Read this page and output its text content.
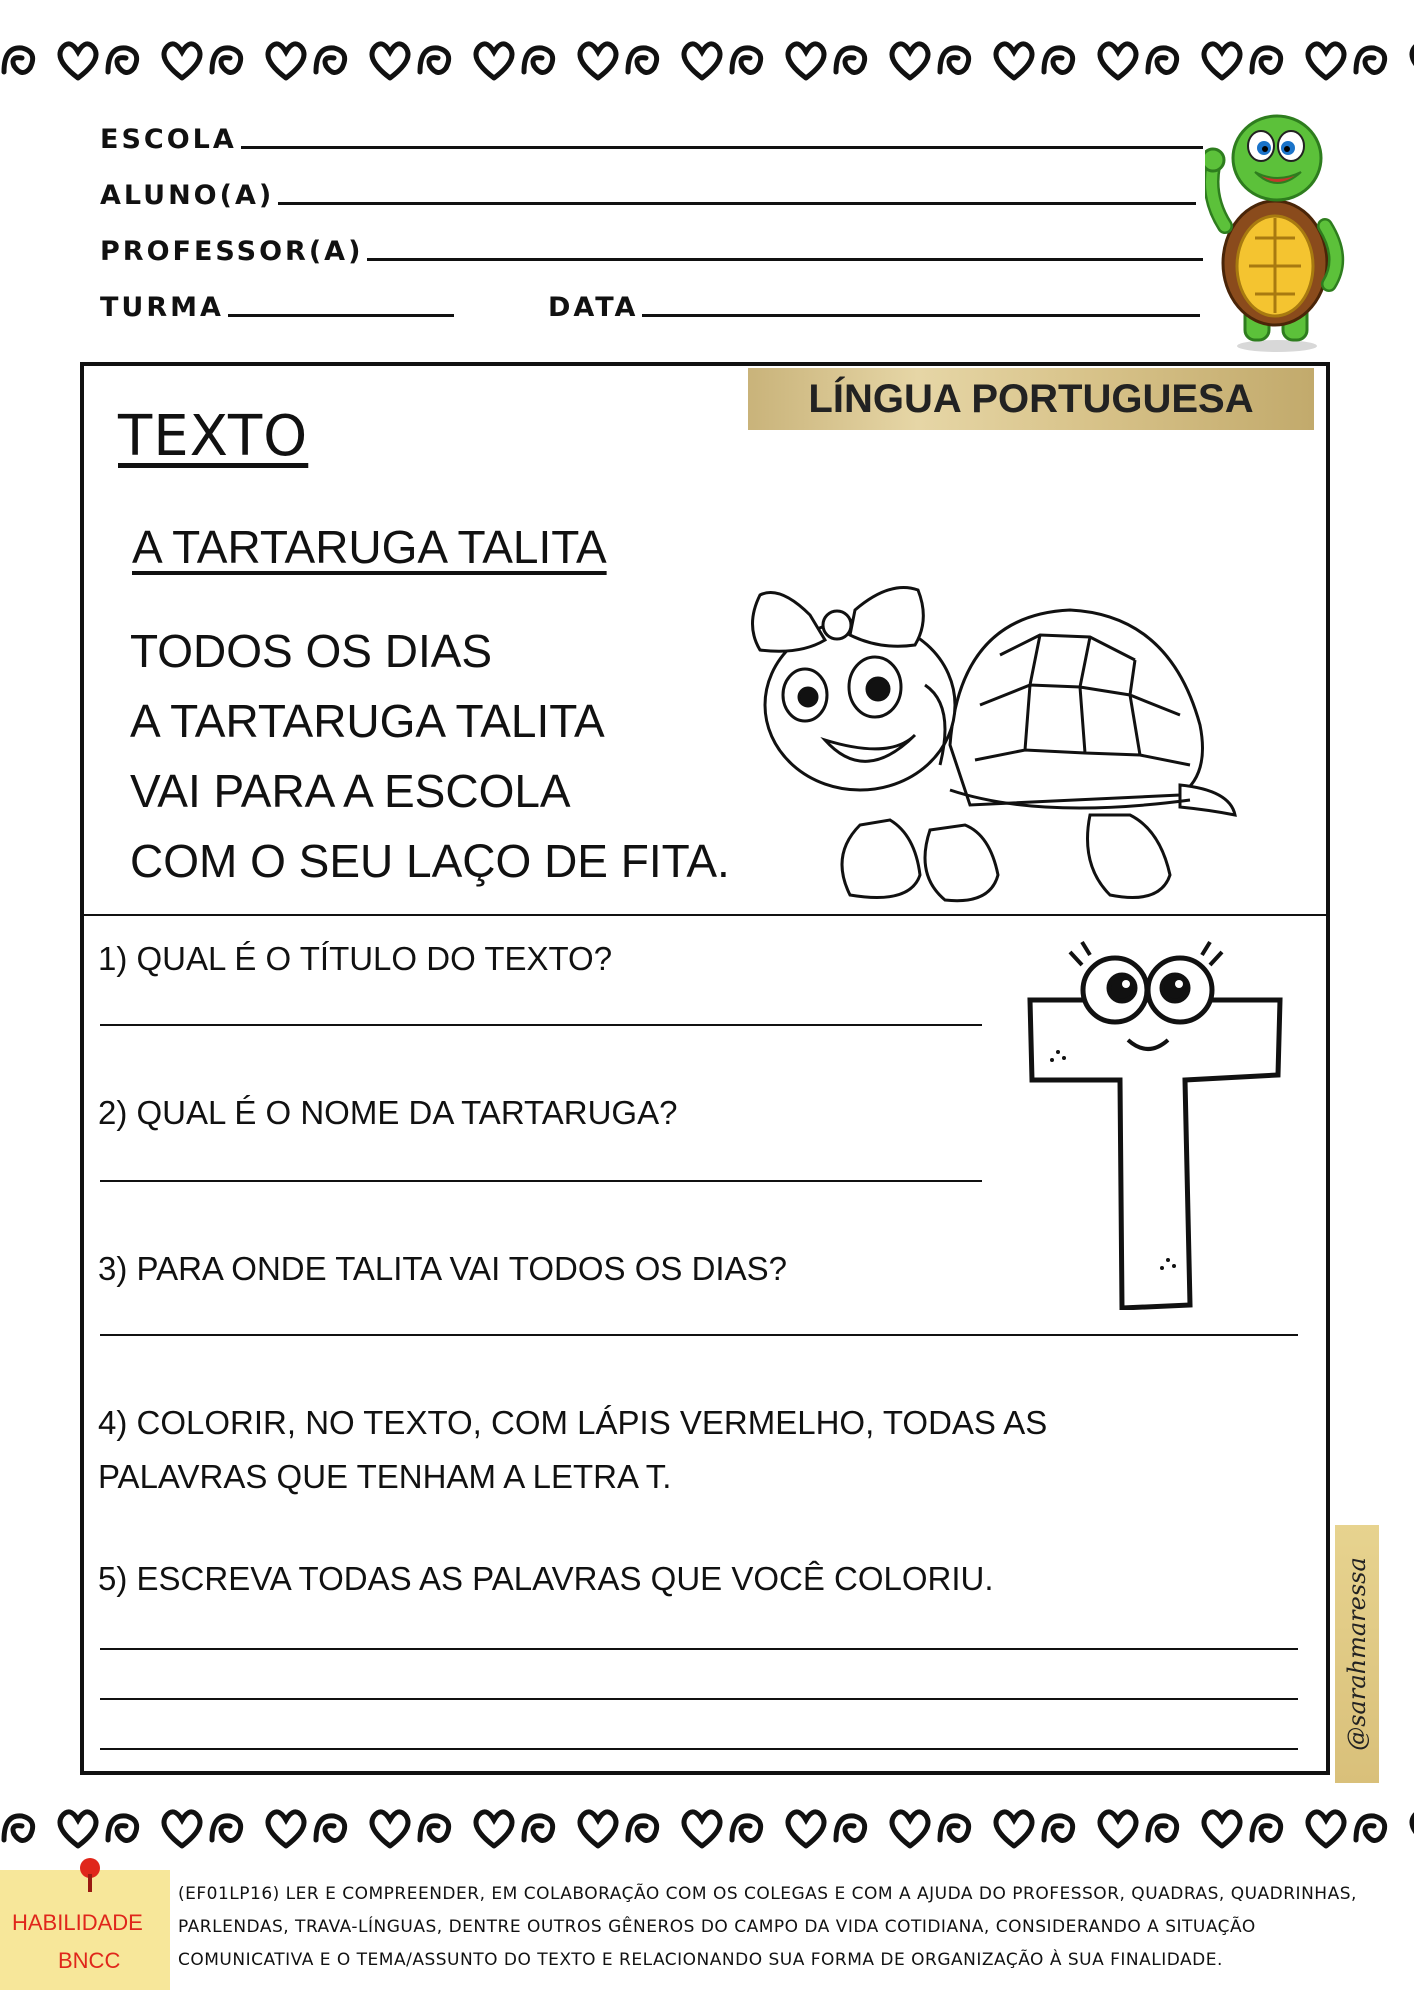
ESCOLA
ALUNO(A)
PROFESSOR(A)
TURMA	DATA
LÍNGUA PORTUGUESA
TEXTO
A TARTARUGA TALITA
TODOS OS DIAS
A TARTARUGA TALITA
VAI PARA A ESCOLA
COM O SEU LAÇO DE FITA.
1) QUAL É O TÍTULO DO TEXTO?
2) QUAL É O NOME DA TARTARUGA?
3) PARA ONDE TALITA VAI TODOS OS DIAS?
4) COLORIR, NO TEXTO, COM LÁPIS VERMELHO, TODAS AS
PALAVRAS QUE TENHAM A LETRA T.
5) ESCREVA TODAS AS PALAVRAS QUE VOCÊ COLORIU.	@sarahmaressa
HABILIDADE
BNCC
(EF01LP16) LER E COMPREENDER, EM COLABORAÇÃO COM OS COLEGAS E COM A AJUDA DO PROFESSOR, QUADRAS, QUADRINHAS,
PARLENDAS, TRAVA-LÍNGUAS, DENTRE OUTROS GÊNEROS DO CAMPO DA VIDA COTIDIANA, CONSIDERANDO A SITUAÇÃO
COMUNICATIVA E O TEMA/ASSUNTO DO TEXTO E RELACIONANDO SUA FORMA DE ORGANIZAÇÃO À SUA FINALIDADE.
